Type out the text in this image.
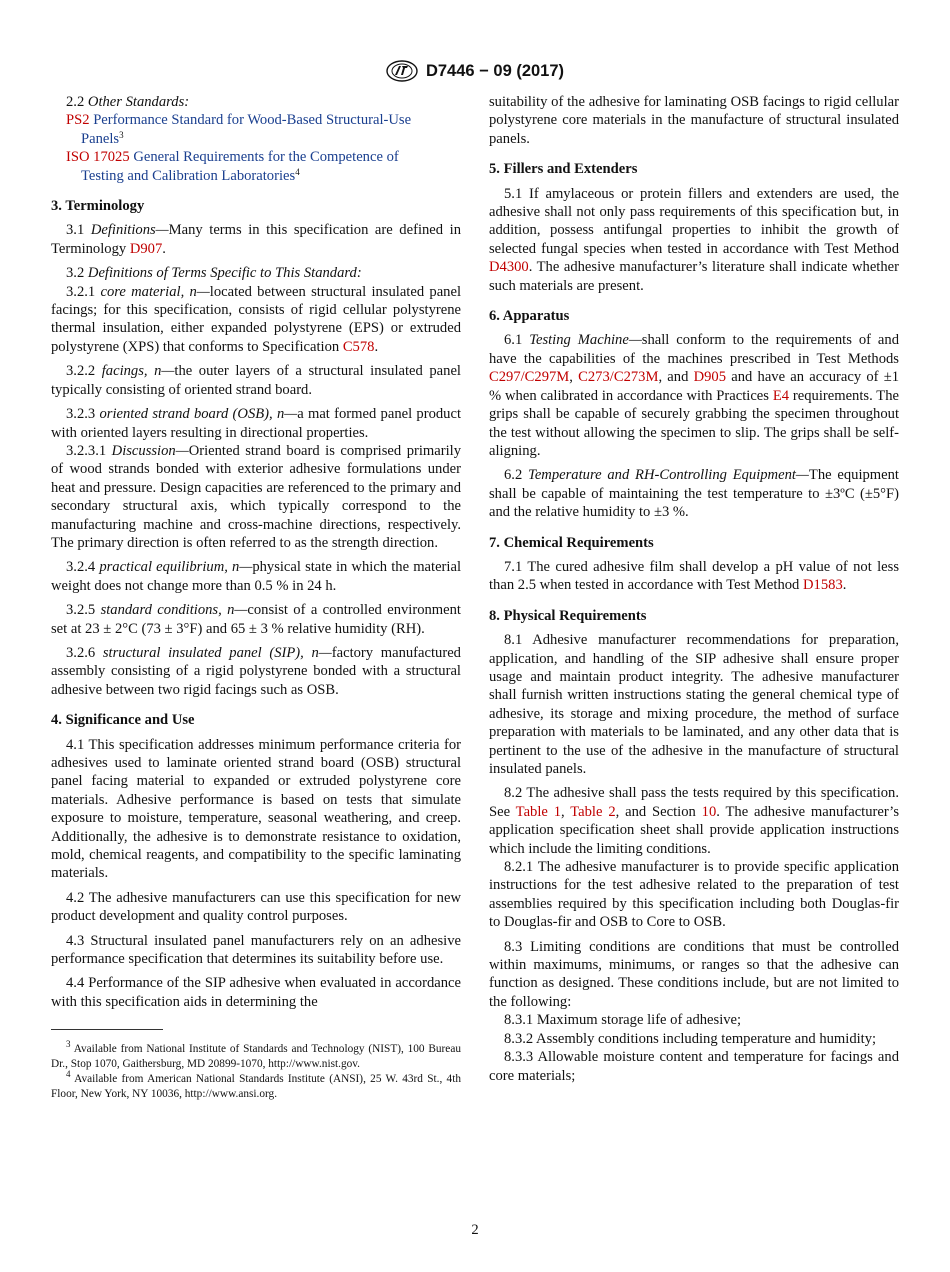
D7446 − 09 (2017)

2.2 Other Standards:

PS2 Performance Standard for Wood-Based Structural-Use

Panels$^3$

ISO 17025 General Requirements for the Competence of

Testing and Calibration Laboratories$^4$

3. Terminology

3.1 Definitions—Many terms in this specification are defined in Terminology D907.

3.2 Definitions of Terms Specific to This Standard:

3.2.1 core material, n—located between structural insulated panel facings; for this specification, consists of rigid cellular polystyrene thermal insulation, either expanded polystyrene (EPS) or extruded polystyrene (XPS) that conforms to Specification C578.

3.2.2 facings, n—the outer layers of a structural insulated panel typically consisting of oriented strand board.

3.2.3 oriented strand board (OSB), n—a mat formed panel product with oriented layers resulting in directional properties.

3.2.3.1 Discussion—Oriented strand board is comprised primarily of wood strands bonded with exterior adhesive formulations under heat and pressure. Design capacities are referenced to the primary and secondary structural axis, which typically correspond to the manufacturing machine and cross-machine directions, respectively. The primary direction is often referred to as the strength direction.

3.2.4 practical equilibrium, n—physical state in which the material weight does not change more than 0.5 % in 24 h.

3.2.5 standard conditions, n—consist of a controlled environment set at 23 ± 2°C (73 ± 3°F) and 65 ± 3 % relative humidity (RH).

3.2.6 structural insulated panel (SIP), n—factory manufactured assembly consisting of a rigid polystyrene bonded with a structural adhesive between two rigid facings such as OSB.

4. Significance and Use

4.1 This specification addresses minimum performance criteria for adhesives used to laminate oriented strand board (OSB) structural panel facing material to expanded or extruded polystyrene core materials. Adhesive performance is based on tests that simulate exposure to moisture, temperature, seasonal weathering, and creep. Additionally, the adhesive is to demonstrate resistance to oxidation, mold, chemical reagents, and compatibility to the specific laminating materials.

4.2 The adhesive manufacturers can use this specification for new product development and quality control purposes.

4.3 Structural insulated panel manufacturers rely on an adhesive performance specification that determines its suitability before use.

4.4 Performance of the SIP adhesive when evaluated in accordance with this specification aids in determining the

$^3$ Available from National Institute of Standards and Technology (NIST), 100 Bureau Dr., Stop 1070, Gaithersburg, MD 20899-1070, http://www.nist.gov.

$^4$ Available from American National Standards Institute (ANSI), 25 W. 43rd St., 4th Floor, New York, NY 10036, http://www.ansi.org.

suitability of the adhesive for laminating OSB facings to rigid cellular polystyrene core materials in the manufacture of structural insulated panels.

5. Fillers and Extenders

5.1 If amylaceous or protein fillers and extenders are used, the adhesive shall not only pass requirements of this specification but, in addition, possess antifungal properties to inhibit the growth of selected fungal species when tested in accordance with Test Method D4300. The adhesive manufacturer’s literature shall indicate whether such materials are present.

6. Apparatus

6.1 Testing Machine—shall conform to the requirements of and have the capabilities of the machines prescribed in Test Methods C297/C297M, C273/C273M, and D905 and have an accuracy of ±1 % when calibrated in accordance with Practices E4 requirements. The grips shall be capable of securely grabbing the specimen throughout the test without allowing the specimen to slip. The grips shall be self-aligning.

6.2 Temperature and RH-Controlling Equipment—The equipment shall be capable of maintaining the test temperature to ±3ºC (±5°F) and the relative humidity to ±3 %.

7. Chemical Requirements

7.1 The cured adhesive film shall develop a pH value of not less than 2.5 when tested in accordance with Test Method D1583.

8. Physical Requirements

8.1 Adhesive manufacturer recommendations for preparation, application, and handling of the SIP adhesive shall ensure proper usage and maintain product integrity. The adhesive manufacturer shall furnish written instructions stating the general chemical type of adhesive, its storage and mixing procedure, the method of surface preparation with materials to be laminated, and any other data that is pertinent to the use of the adhesive in the manufacture of structural insulated panels.

8.2 The adhesive shall pass the tests required by this specification. See Table 1, Table 2, and Section 10. The adhesive manufacturer’s application specification sheet shall provide application instructions which include the limiting conditions.

8.2.1 The adhesive manufacturer is to provide specific application instructions for the test adhesive related to the preparation of test assemblies required by this specification including both Douglas-fir to Douglas-fir and OSB to Core to OSB.

8.3 Limiting conditions are conditions that must be controlled within maximums, minimums, or ranges so that the adhesive can function as designed. These conditions include, but are not limited to the following:

8.3.1 Maximum storage life of adhesive;

8.3.2 Assembly conditions including temperature and humidity;

8.3.3 Allowable moisture content and temperature for facings and core materials;

2
